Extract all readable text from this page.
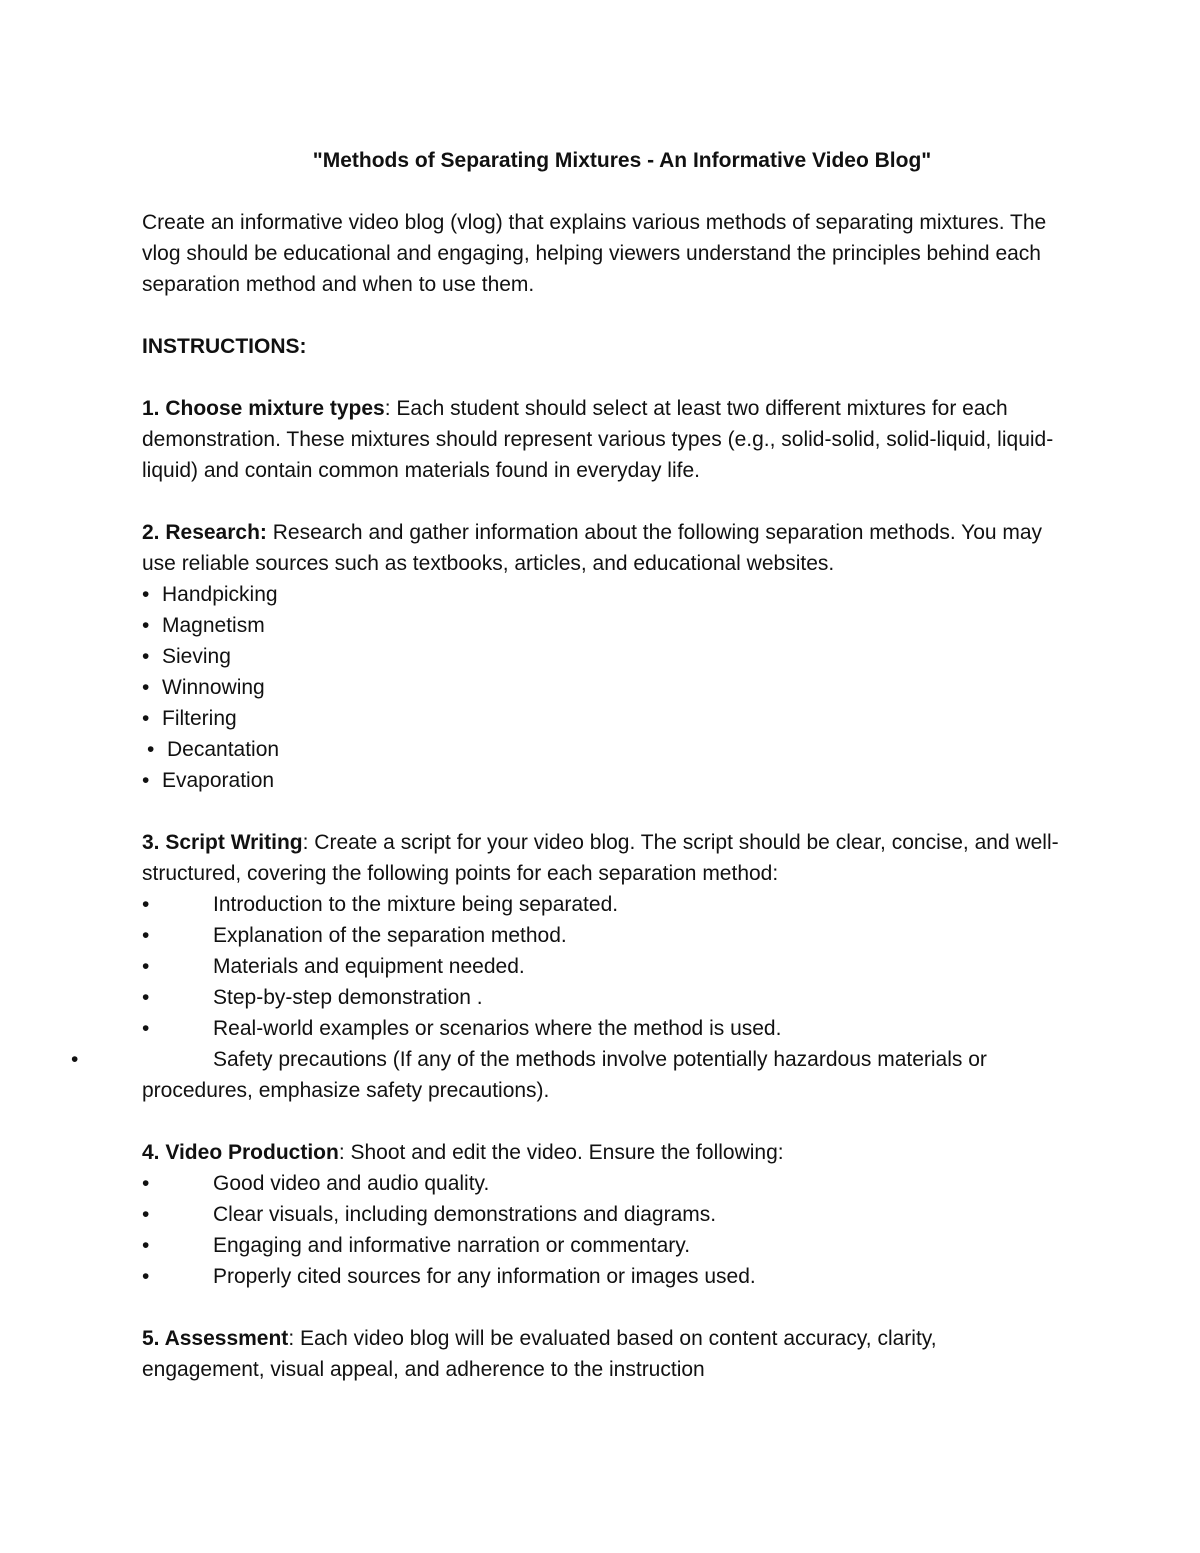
"Methods of Separating Mixtures - An Informative Video Blog"

Create an informative video blog (vlog) that explains various methods of separating mixtures. The vlog should be educational and engaging, helping viewers understand the principles behind each separation method and when to use them.

INSTRUCTIONS:

1. Choose mixture types: Each student should select at least two different mixtures for each demonstration. These mixtures should represent various types (e.g., solid-solid, solid-liquid, liquid-liquid) and contain common materials found in everyday life.

2. Research: Research and gather information about the following separation methods. You may use reliable sources such as textbooks, articles, and educational websites.

• Handpicking
• Magnetism
• Sieving
• Winnowing
• Filtering
• Decantation
• Evaporation

3. Script Writing: Create a script for your video blog. The script should be clear, concise, and well-structured, covering the following points for each separation method:

•	Introduction to the mixture being separated.
•	Explanation of the separation method.
•	Materials and equipment needed.
•	Step-by-step demonstration .
•	Real-world examples or scenarios where the method is used.
•	Safety precautions (If any of the methods involve potentially hazardous materials or procedures, emphasize safety precautions).

4. Video Production: Shoot and edit the video. Ensure the following:

•	Good video and audio quality.
•	Clear visuals, including demonstrations and diagrams.
•	Engaging and informative narration or commentary.
•	Properly cited sources for any information or images used.

5. Assessment: Each video blog will be evaluated based on content accuracy, clarity, engagement, visual appeal, and adherence to the instruction
